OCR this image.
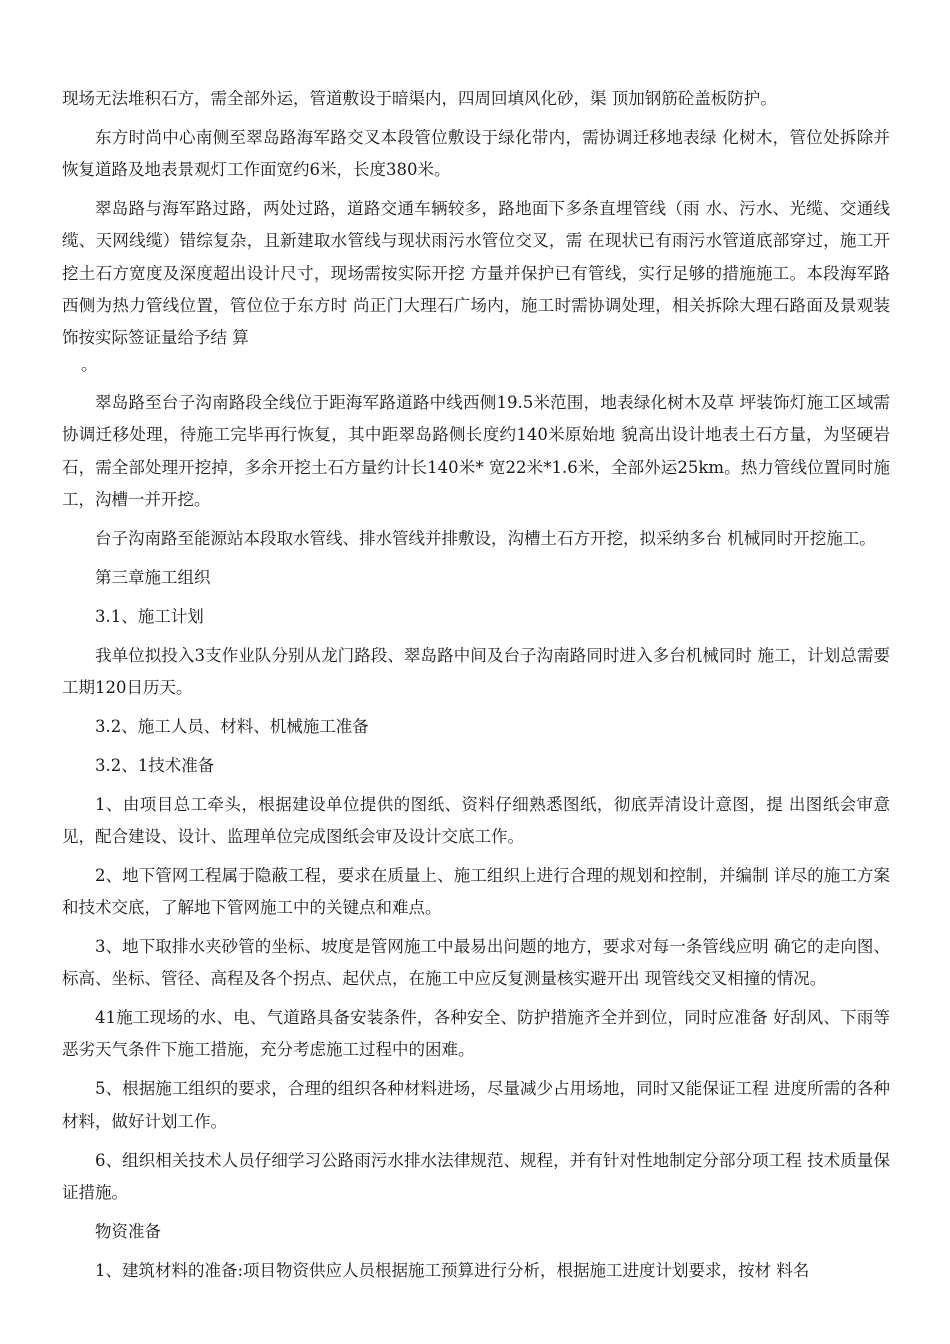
现场无法堆积石方，需全部外运，管道敷设于暗渠内，四周回填风化砂，渠 顶加钢筋砼盖板防护。

东方时尚中心南侧至翠岛路海军路交叉本段管位敷设于绿化带内，需协调迁移地表绿 化树木，管位处拆除并恢复道路及地表景观灯工作面宽约6米，长度380米。

翠岛路与海军路过路，两处过路，道路交通车辆较多，路地面下多条直埋管线（雨 水、污水、光缆、交通线缆、天网线缆）错综复杂，且新建取水管线与现状雨污水管位交叉，需 在现状已有雨污水管道底部穿过，施工开挖土石方宽度及深度超出设计尺寸，现场需按实际开挖 方量并保护已有管线，实行足够的措施施工。本段海军路西侧为热力管线位置，管位位于东方时 尚正门大理石广场内，施工时需协调处理，相关拆除大理石路面及景观装饰按实际签证量给予结 算

。

翠岛路至台子沟南路段全线位于距海军路道路中线西侧19.5米范围，地表绿化树木及草 坪装饰灯施工区域需协调迁移处理，待施工完毕再行恢复，其中距翠岛路侧长度约140米原始地 貌高出设计地表土石方量，为坚硬岩石，需全部处理开挖掉，多余开挖土石方量约计长140米* 宽22米*1.6米，全部外运25km。热力管线位置同时施工，沟槽一并开挖。

台子沟南路至能源站本段取水管线、排水管线并排敷设，沟槽土石方开挖，拟采纳多台 机械同时开挖施工。

第三章施工组织

3.1、施工计划

我单位拟投入3支作业队分别从龙门路段、翠岛路中间及台子沟南路同时进入多台机械同时 施工，计划总需要工期120日历天。

3.2、施工人员、材料、机械施工准备

3.2、1技术准备

1、由项目总工牵头，根据建设单位提供的图纸、资料仔细熟悉图纸，彻底弄清设计意图，提 出图纸会审意见，配合建设、设计、监理单位完成图纸会审及设计交底工作。

2、地下管网工程属于隐蔽工程，要求在质量上、施工组织上进行合理的规划和控制，并编制 详尽的施工方案和技术交底，了解地下管网施工中的关键点和难点。

3、地下取排水夹砂管的坐标、坡度是管网施工中最易出问题的地方，要求对每一条管线应明 确它的走向图、标高、坐标、管径、高程及各个拐点、起伏点，在施工中应反复测量核实避开出 现管线交叉相撞的情况。

41施工现场的水、电、气道路具备安装条件，各种安全、防护措施齐全并到位，同时应准备 好刮风、下雨等恶劣天气条件下施工措施，充分考虑施工过程中的困难。

5、根据施工组织的要求，合理的组织各种材料进场，尽量减少占用场地，同时又能保证工程 进度所需的各种材料，做好计划工作。

6、组织相关技术人员仔细学习公路雨污水排水法律规范、规程，并有针对性地制定分部分项工程 技术质量保证措施。

物资准备

1、建筑材料的准备:项目物资供应人员根据施工预算进行分析，根据施工进度计划要求，按材 料名
